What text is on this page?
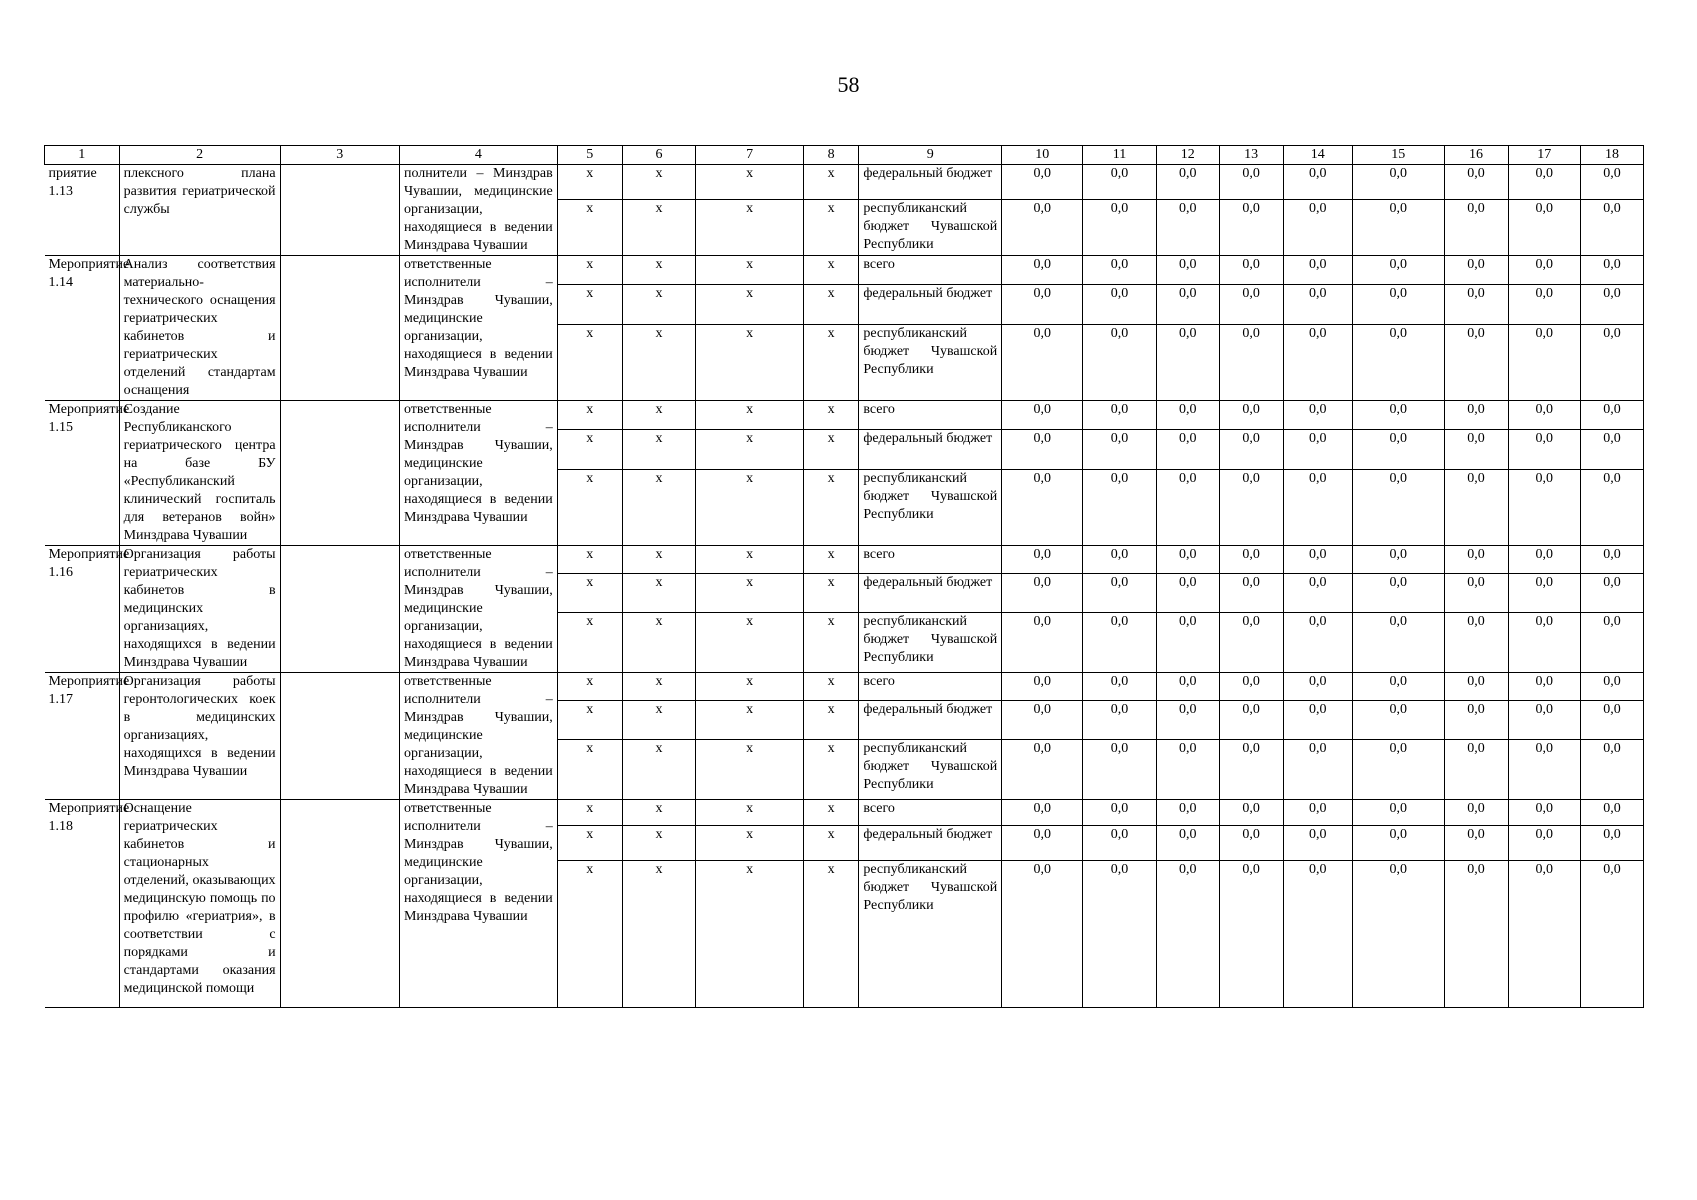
58
1	2	3	4	5	6	7	8	9	10	11	12	13	14	15	16	17	18
приятие 1.13	плексного плана развития гериатрической службы		полнители – Минздрав Чувашии, медицинские организации, находящиеся в ведении Минздрава Чувашии	x	x	x	x	федеральный бюджет	0,0	0,0	0,0	0,0	0,0	0,0	0,0	0,0	0,0
				x	x	x	x	республиканский бюджет Чувашской Республики	0,0	0,0	0,0	0,0	0,0	0,0	0,0	0,0	0,0
Мероприятие 1.14	Анализ соответствия материально-технического оснащения гериатрических кабинетов и гериатрических отделений стандартам оснащения		ответственные исполнители – Минздрав Чувашии, медицинские организации, находящиеся в ведении Минздрава Чувашии	x	x	x	x	всего	0,0	0,0	0,0	0,0	0,0	0,0	0,0	0,0	0,0
				x	x	x	x	федеральный бюджет	0,0	0,0	0,0	0,0	0,0	0,0	0,0	0,0	0,0
				x	x	x	x	республиканский бюджет Чувашской Республики	0,0	0,0	0,0	0,0	0,0	0,0	0,0	0,0	0,0
Мероприятие 1.15	Создание Республиканского гериатрического центра на базе БУ «Республиканский клинический госпиталь для ветеранов войн» Минздрава Чувашии		ответственные исполнители – Минздрав Чувашии, медицинские организации, находящиеся в ведении Минздрава Чувашии	x	x	x	x	всего	0,0	0,0	0,0	0,0	0,0	0,0	0,0	0,0	0,0
				x	x	x	x	федеральный бюджет	0,0	0,0	0,0	0,0	0,0	0,0	0,0	0,0	0,0
				x	x	x	x	республиканский бюджет Чувашской Республики	0,0	0,0	0,0	0,0	0,0	0,0	0,0	0,0	0,0
Мероприятие 1.16	Организация работы гериатрических кабинетов в медицинских организациях, находящихся в ведении Минздрава Чувашии		ответственные исполнители – Минздрав Чувашии, медицинские организации, находящиеся в ведении Минздрава Чувашии	x	x	x	x	всего	0,0	0,0	0,0	0,0	0,0	0,0	0,0	0,0	0,0
				x	x	x	x	федеральный бюджет	0,0	0,0	0,0	0,0	0,0	0,0	0,0	0,0	0,0
				x	x	x	x	республиканский бюджет Чувашской Республики	0,0	0,0	0,0	0,0	0,0	0,0	0,0	0,0	0,0
Мероприятие 1.17	Организация работы геронтологических коек в медицинских организациях, находящихся в ведении Минздрава Чувашии		ответственные исполнители – Минздрав Чувашии, медицинские организации, находящиеся в ведении Минздрава Чувашии	x	x	x	x	всего	0,0	0,0	0,0	0,0	0,0	0,0	0,0	0,0	0,0
				x	x	x	x	федеральный бюджет	0,0	0,0	0,0	0,0	0,0	0,0	0,0	0,0	0,0
				x	x	x	x	республиканский бюджет Чувашской Республики	0,0	0,0	0,0	0,0	0,0	0,0	0,0	0,0	0,0
Мероприятие 1.18	Оснащение гериатрических кабинетов и стационарных отделений, оказывающих медицинскую помощь по профилю «гериатрия», в соответствии с порядками и стандартами оказания медицинской помощи		ответственные исполнители – Минздрав Чувашии, медицинские организации, находящиеся в ведении Минздрава Чувашии	x	x	x	x	всего	0,0	0,0	0,0	0,0	0,0	0,0	0,0	0,0	0,0
				x	x	x	x	федеральный бюджет	0,0	0,0	0,0	0,0	0,0	0,0	0,0	0,0	0,0
				x	x	x	x	республиканский бюджет Чувашской Республики	0,0	0,0	0,0	0,0	0,0	0,0	0,0	0,0	0,0
